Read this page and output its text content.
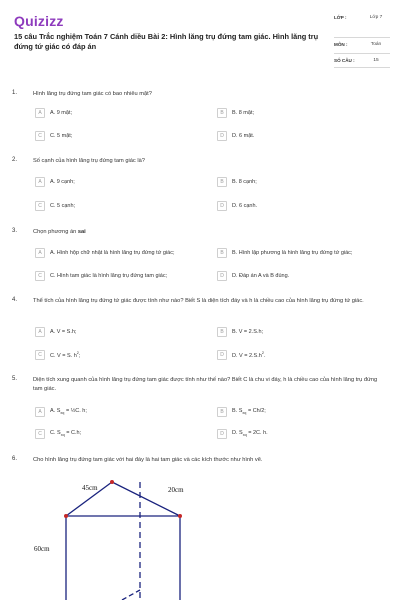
Quizizz
15 câu Trắc nghiệm Toán 7 Cánh diều Bài 2: Hình lăng trụ đứng tam giác. Hình lăng trụ đứng tứ giác có đáp án
LỚP :	Lớp 7
MÔN :	Toán
SỐ CÂU :	15
1.	Hình lăng trụ đứng tam giác có bao nhiêu mặt?
A	A. 9 mặt;	B	B. 8 mặt;
C	C. 5 mặt;	D	D. 6 mặt.
2.	Số cạnh của hình lăng trụ đứng tam giác là?
A	A. 9 cạnh;	B	B. 8 cạnh;
C	C. 5 cạnh;	D	D. 6 cạnh.
3.	Chọn phương án sai
A	A. Hình hộp chữ nhật là hình lăng trụ đứng tứ giác;	B	B. Hình lập phương là hình lăng trụ đứng tứ giác;
C	C. Hình tam giác là hình lăng trụ đứng tam giác;	D	D. Đáp án A và B đúng.
4.	Thể tích của hình lăng trụ đứng tứ giác được tính như nào? Biết S là diện tích đáy và h là chiều cao của hình lăng trụ đứng tứ giác.
A	A. V = S.h;	B	B. V = 2.S.h;
C	C. V = S. $h^2$;	D	D. $V = 2.S.h^2$.
5.	Diện tích xung quanh của hình lăng trụ đứng tam giác được tính như thế nào? Biết C là chu vi đáy, h là chiều cao của hình lăng trụ đứng tam giác.
A	A. $S_{xq}$ = ½C. h;	B	B. $S_{xq} = Ch/2$;
C	C. $S_{xq} = C.h$;	D	D. $S_{xq} = 2C$. h.
6.	Cho hình lăng trụ đứng tam giác với hai đáy là hai tam giác và các kích thước như hình vẽ.
45cm	20cm
60cm
